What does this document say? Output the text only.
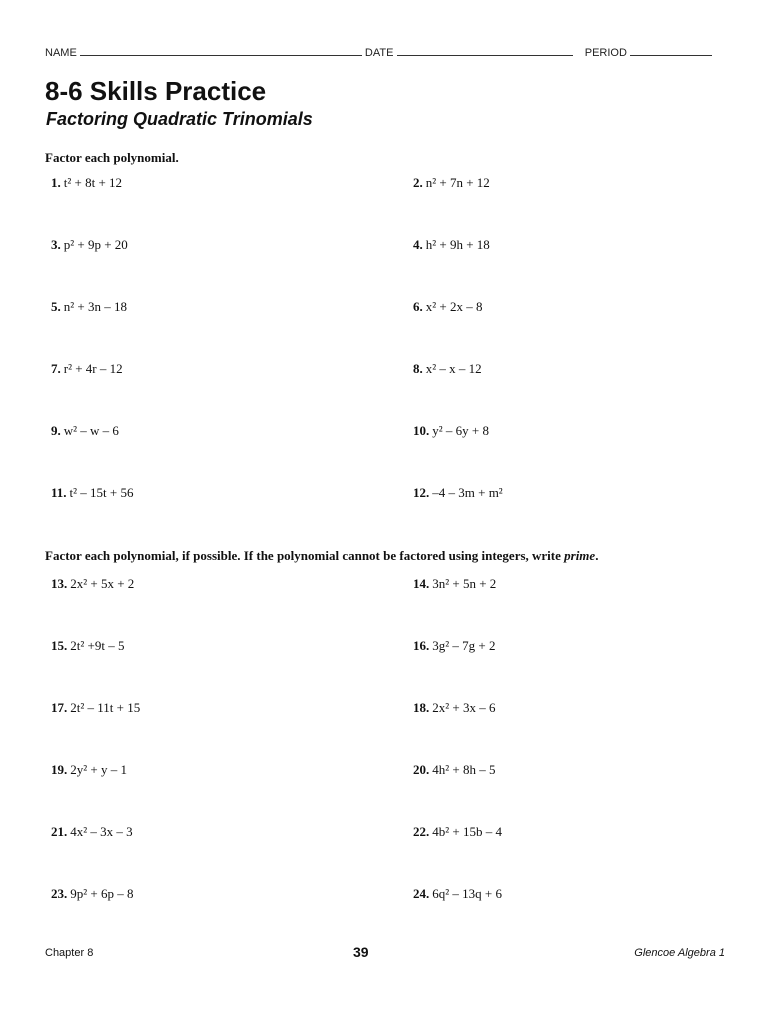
NAME	DATE	PERIOD
8-6 Skills Practice
Factoring Quadratic Trinomials
Factor each polynomial.
1. t² + 8t + 12	2. n² + 7n + 12
3. p² + 9p + 20	4. h² + 9h + 18
5. n² + 3n – 18	6. x² + 2x – 8
7. r² + 4r – 12	8. x² – x – 12
9. w² – w – 6	10. y² – 6y + 8
11. t² – 15t + 56	12. –4 – 3m + m²
Factor each polynomial, if possible. If the polynomial cannot be factored using integers, write prime.
13. 2x² + 5x + 2	14. 3n² + 5n + 2
15. 2t² +9t – 5	16. 3g² – 7g + 2
17. 2t² – 11t + 15	18. 2x² + 3x – 6
19. 2y² + y – 1	20. 4h² + 8h – 5
21. 4x² – 3x – 3	22. 4b² + 15b – 4
23. 9p² + 6p – 8	24. 6q² – 13q + 6
Chapter 8	39	Glencoe Algebra 1
